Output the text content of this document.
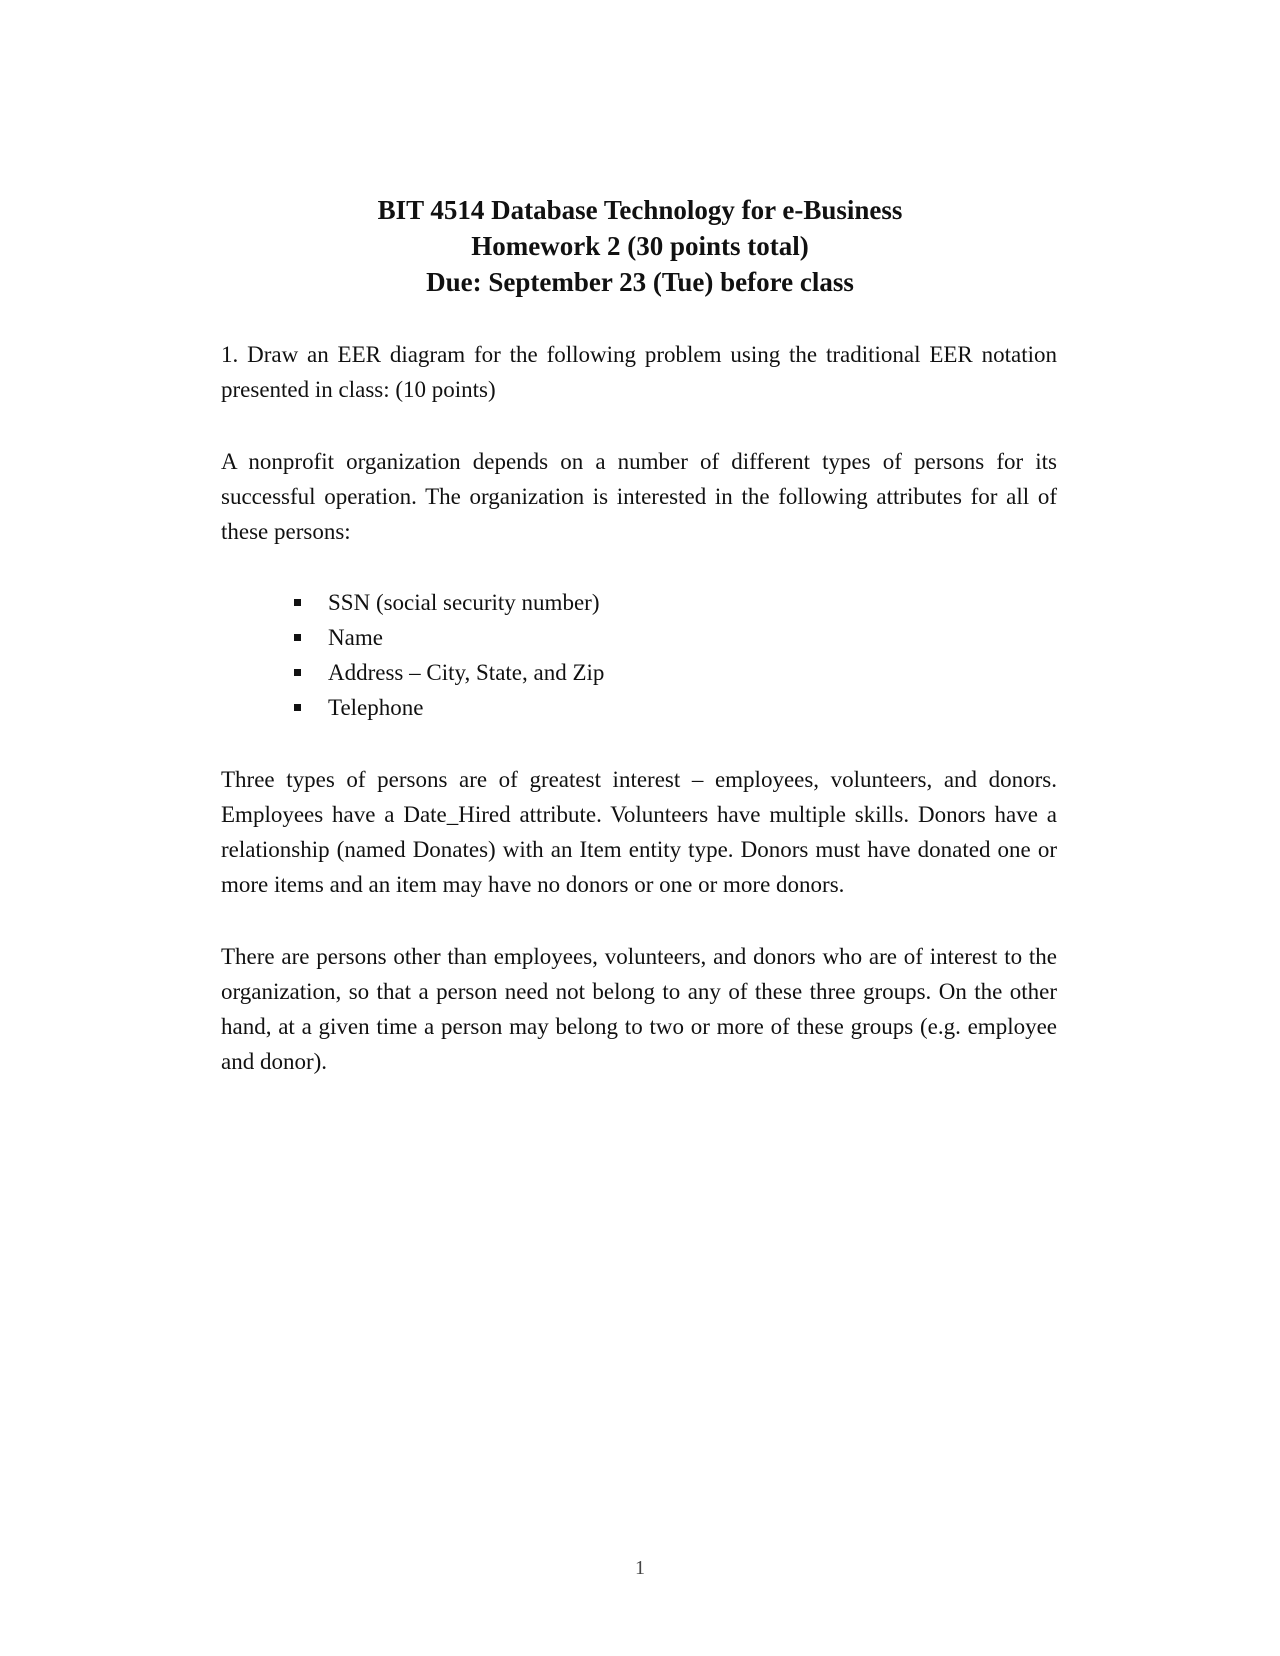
BIT 4514 Database Technology for e-Business
Homework 2 (30 points total)
Due: September 23 (Tue) before class

1. Draw an EER diagram for the following problem using the traditional EER notation presented in class: (10 points)

A nonprofit organization depends on a number of different types of persons for its successful operation. The organization is interested in the following attributes for all of these persons:

SSN (social security number)
Name
Address – City, State, and Zip
Telephone

Three types of persons are of greatest interest – employees, volunteers, and donors. Employees have a Date_Hired attribute. Volunteers have multiple skills. Donors have a relationship (named Donates) with an Item entity type. Donors must have donated one or more items and an item may have no donors or one or more donors.

There are persons other than employees, volunteers, and donors who are of interest to the organization, so that a person need not belong to any of these three groups. On the other hand, at a given time a person may belong to two or more of these groups (e.g. employee and donor).

1
